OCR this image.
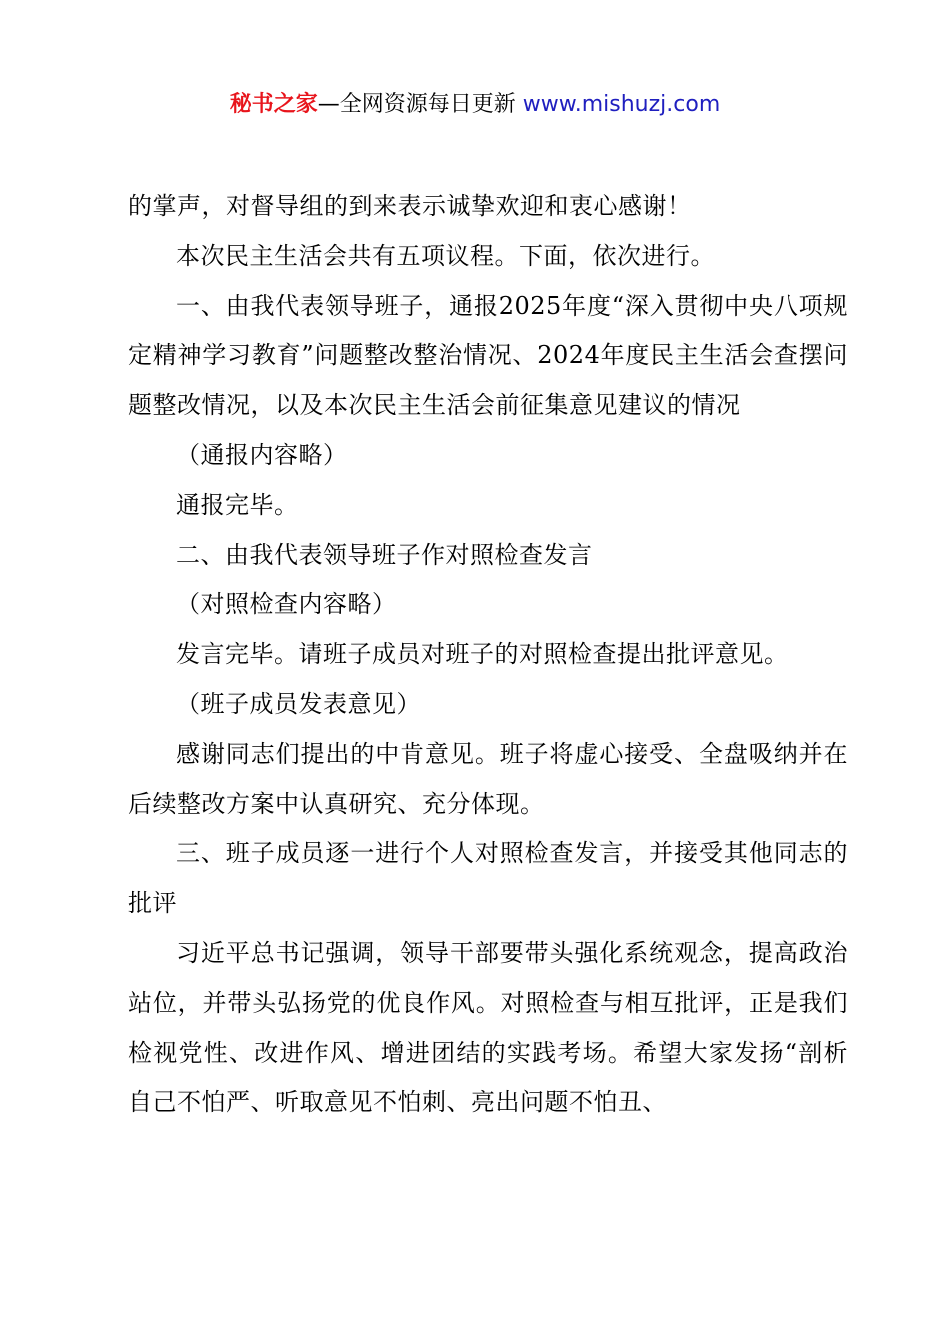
秘书之家—全网资源每日更新 www.mishuzj.com

的掌声，对督导组的到来表示诚挚欢迎和衷心感谢！

本次民主生活会共有五项议程。下面，依次进行。

一、由我代表领导班子，通报2025年度“深入贯彻中央八项规定精神学习教育”问题整改整治情况、2024年度民主生活会查摆问题整改情况，以及本次民主生活会前征集意见建议的情况

（通报内容略）

通报完毕。

二、由我代表领导班子作对照检查发言

（对照检查内容略）

发言完毕。请班子成员对班子的对照检查提出批评意见。

（班子成员发表意见）

感谢同志们提出的中肯意见。班子将虚心接受、全盘吸纳并在后续整改方案中认真研究、充分体现。

三、班子成员逐一进行个人对照检查发言，并接受其他同志的批评

习近平总书记强调，领导干部要带头强化系统观念，提高政治站位，并带头弘扬党的优良作风。对照检查与相互批评，正是我们检视党性、改进作风、增进团结的实践考场。希望大家发扬“剖析自己不怕严、听取意见不怕刺、亮出问题不怕丑、
